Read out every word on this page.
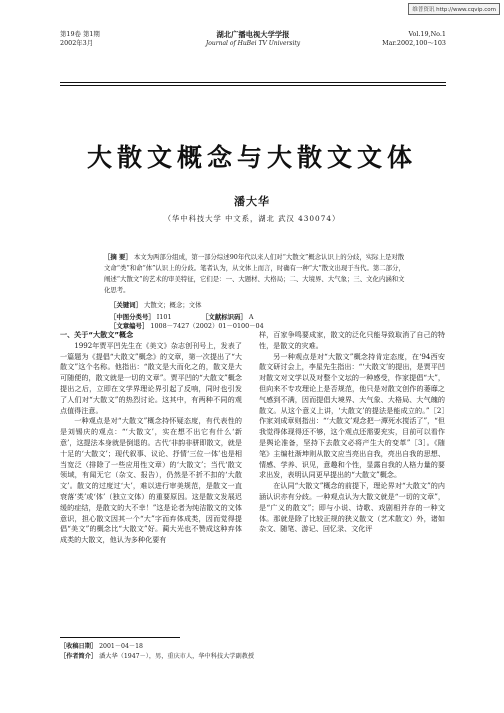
维普资讯 http://www.cqvip.com
第19卷 第1期
2002年3月
湖北广播电视大学学报
Journal of HuBei TV University
Vol.19,No.1
Mar.2002,100～103
大散文概念与大散文文体
潘大华
（华中科技大学 中文系，湖北 武汉 430074）
［摘 要］ 本文为两部分组成，第一部分综述90年代以来人们对“大散文”概念认识上的分歧，实际上是对散文命“类”和命“体”认识上的分歧。笔者认为，从文体上而言，时确有一种“大”散文出现于当代。第二部分，阐述“大散文”的艺术的审美特征，它们是：一、大题材、大格局；二、大境界、大气象；三、文化内涵和文化思考。
［关键词］ 大散文；概念；文体
［中图分类号］ I101	［文献标识码］ A ［文章编号］ 1008－7427（2002）01－0100－04

一、关于“大散文”概念

1992年贾平凹先生在《美文》杂志创刊号上，发表了一篇题为《提倡“大散文”概念》的文章，第一次提出了“大散文”这个名称。他指出：“散文是大而化之的，散文是大可随便的，散文就是一切的文章”。贾平凹的“大散文”概念提出之后，立即在文学界理论界引起了反响，同时也引发了人们对“大散文”的热烈讨论。这其中，有两种不同的观点值得注意。

一种观点是对“大散文”概念持怀疑态度，有代表性的是刘锡庆的观点：“‘大散文’，实在想不出它有什么‘新意’，这提法本身就是倒退的。古代‘非韵非骈即散文，就是十足的‘大散文’；现代叙事、议论、抒情‘三位一体’也是相当宽泛（排除了一些应用性文章）的‘大散文’；当代‘散文领域，有闻无它（杂文、报告），仍然是不折不扣的‘大散文’。散文的过度过‘大’，难以进行审美规范，是散文一直衰落‘类’或‘体’（独立文体）的重要原因。这是散文发展迟缓的症结，是散文的大不幸！”这是论者为纯洁散文的文体意识，担心散文因其一个“大”字而弃体成类，因而觉得提倡“美文”的概念比“大散文”好。蔺大光也不赞成这种弃体成类的大散文，他认为多种化要有

样，百家争鸣要成家，散文的泛化只能导致取消了自己的特性，是散文的灾难。

另一种观点是对“大散文”概念持肯定态度，在‘94西安散文研讨会上，李星先生指出：“‘大散文’的提出，是贾平凹对散文对文学以及对整个文坛的一种感受，作家提倡“大”，但向来不专攻理论上是否规范，他只是对散文创作的萎靡之气感到不满，因而提倡大境界、大气象、大格局、大气魄的散文。从这个意义上讲，‘大散文’的提法是能成立的。”［2］作家刘成章则指出：“‘大散文’观念把一潭死水搅活了”，“但我觉得体现得还不够，这个观点还需要充实，目前可以看作是舆论准备，坚持下去散文必将产生大的变革”［3］。《随笔》主编杜渐坤则从散文应当亮出自我，亮出自我的思想、情感、学养、识见，意趣和个性，显露自我的人格力量的要求出发，表明认同更早提出的“大散文”概念。

在认同“大散文”概念的前提下，理论界对“大散文”的内涵认识亦有分歧。一种观点认为大散文就是“一切的文章”，是“广义的散文”；即与小说、诗歌、戏剧相并存的一种文体。那就是除了比较正规的狭义散文（艺术散文）外，诸如杂文、随笔、游记、回忆录、文化评

［收稿日期］ 2001－04－18
［作者简介］ 潘大华（1947－），男，重庆市人，华中科技大学副教授
